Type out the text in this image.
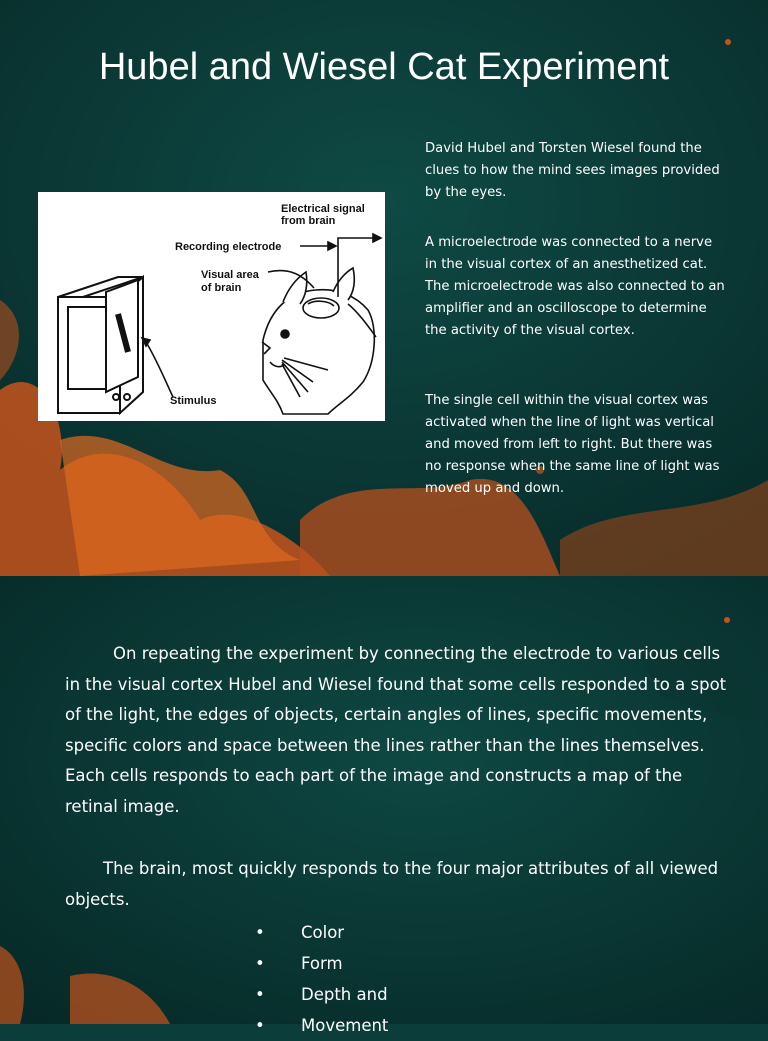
Hubel and Wiesel Cat Experiment
Electrical signal
from brain
Recording electrode
Visual area
of brain
Stimulus

David Hubel and Torsten Wiesel found the clues to how the mind sees images provided by the eyes.

A microelectrode was connected to a nerve in the visual cortex of an anesthetized cat. The microelectrode was also connected to an amplifier and an oscilloscope to determine the activity of the visual cortex.

The single cell within the visual cortex was activated when the line of light was vertical and moved from left to right. But there was no response when the same line of light was moved up and down.

On repeating the experiment by connecting the electrode to various cells in the visual cortex Hubel and Wiesel found that some cells responded to a spot of the light, the edges of objects, certain angles of lines, specific movements, specific colors and space between the lines rather than the lines themselves. Each cells responds to each part of the image and constructs a map of the retinal image.

The brain, most quickly responds to the four major attributes of all viewed objects.

• Color
• Form
• Depth and
• Movement
